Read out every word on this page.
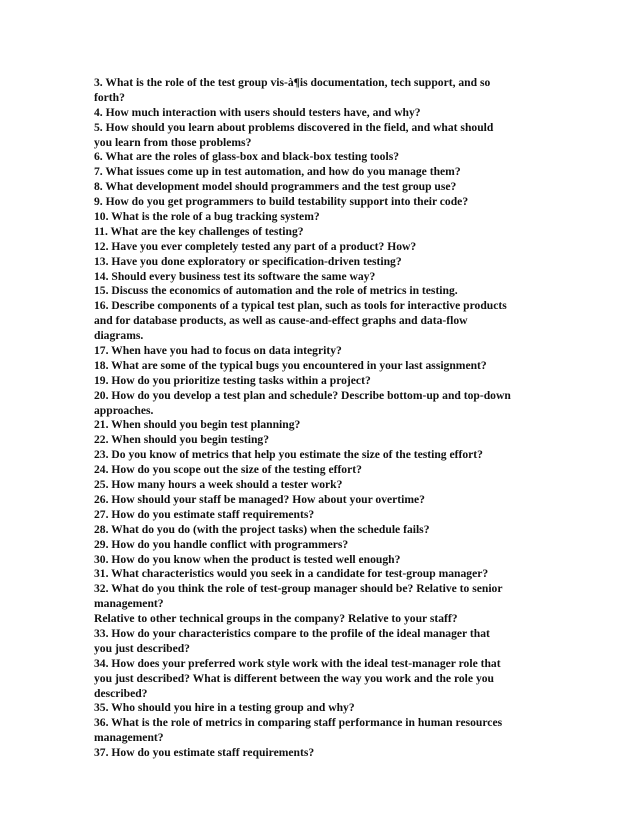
3. What is the role of the test group vis-à¶is documentation, tech support, and so
forth?
4. How much interaction with users should testers have, and why?
5. How should you learn about problems discovered in the field, and what should
you learn from those problems?
6. What are the roles of glass-box and black-box testing tools?
7. What issues come up in test automation, and how do you manage them?
8. What development model should programmers and the test group use?
9. How do you get programmers to build testability support into their code?
10. What is the role of a bug tracking system?
11. What are the key challenges of testing?
12. Have you ever completely tested any part of a product? How?
13. Have you done exploratory or specification-driven testing?
14. Should every business test its software the same way?
15. Discuss the economics of automation and the role of metrics in testing.
16. Describe components of a typical test plan, such as tools for interactive products
and for database products, as well as cause-and-effect graphs and data-flow
diagrams.
17. When have you had to focus on data integrity?
18. What are some of the typical bugs you encountered in your last assignment?
19. How do you prioritize testing tasks within a project?
20. How do you develop a test plan and schedule? Describe bottom-up and top-down
approaches.
21. When should you begin test planning?
22. When should you begin testing?
23. Do you know of metrics that help you estimate the size of the testing effort?
24. How do you scope out the size of the testing effort?
25. How many hours a week should a tester work?
26. How should your staff be managed? How about your overtime?
27. How do you estimate staff requirements?
28. What do you do (with the project tasks) when the schedule fails?
29. How do you handle conflict with programmers?
30. How do you know when the product is tested well enough?
31. What characteristics would you seek in a candidate for test-group manager?
32. What do you think the role of test-group manager should be? Relative to senior
management?
Relative to other technical groups in the company? Relative to your staff?
33. How do your characteristics compare to the profile of the ideal manager that
you just described?
34. How does your preferred work style work with the ideal test-manager role that
you just described? What is different between the way you work and the role you
described?
35. Who should you hire in a testing group and why?
36. What is the role of metrics in comparing staff performance in human resources
management?
37. How do you estimate staff requirements?
